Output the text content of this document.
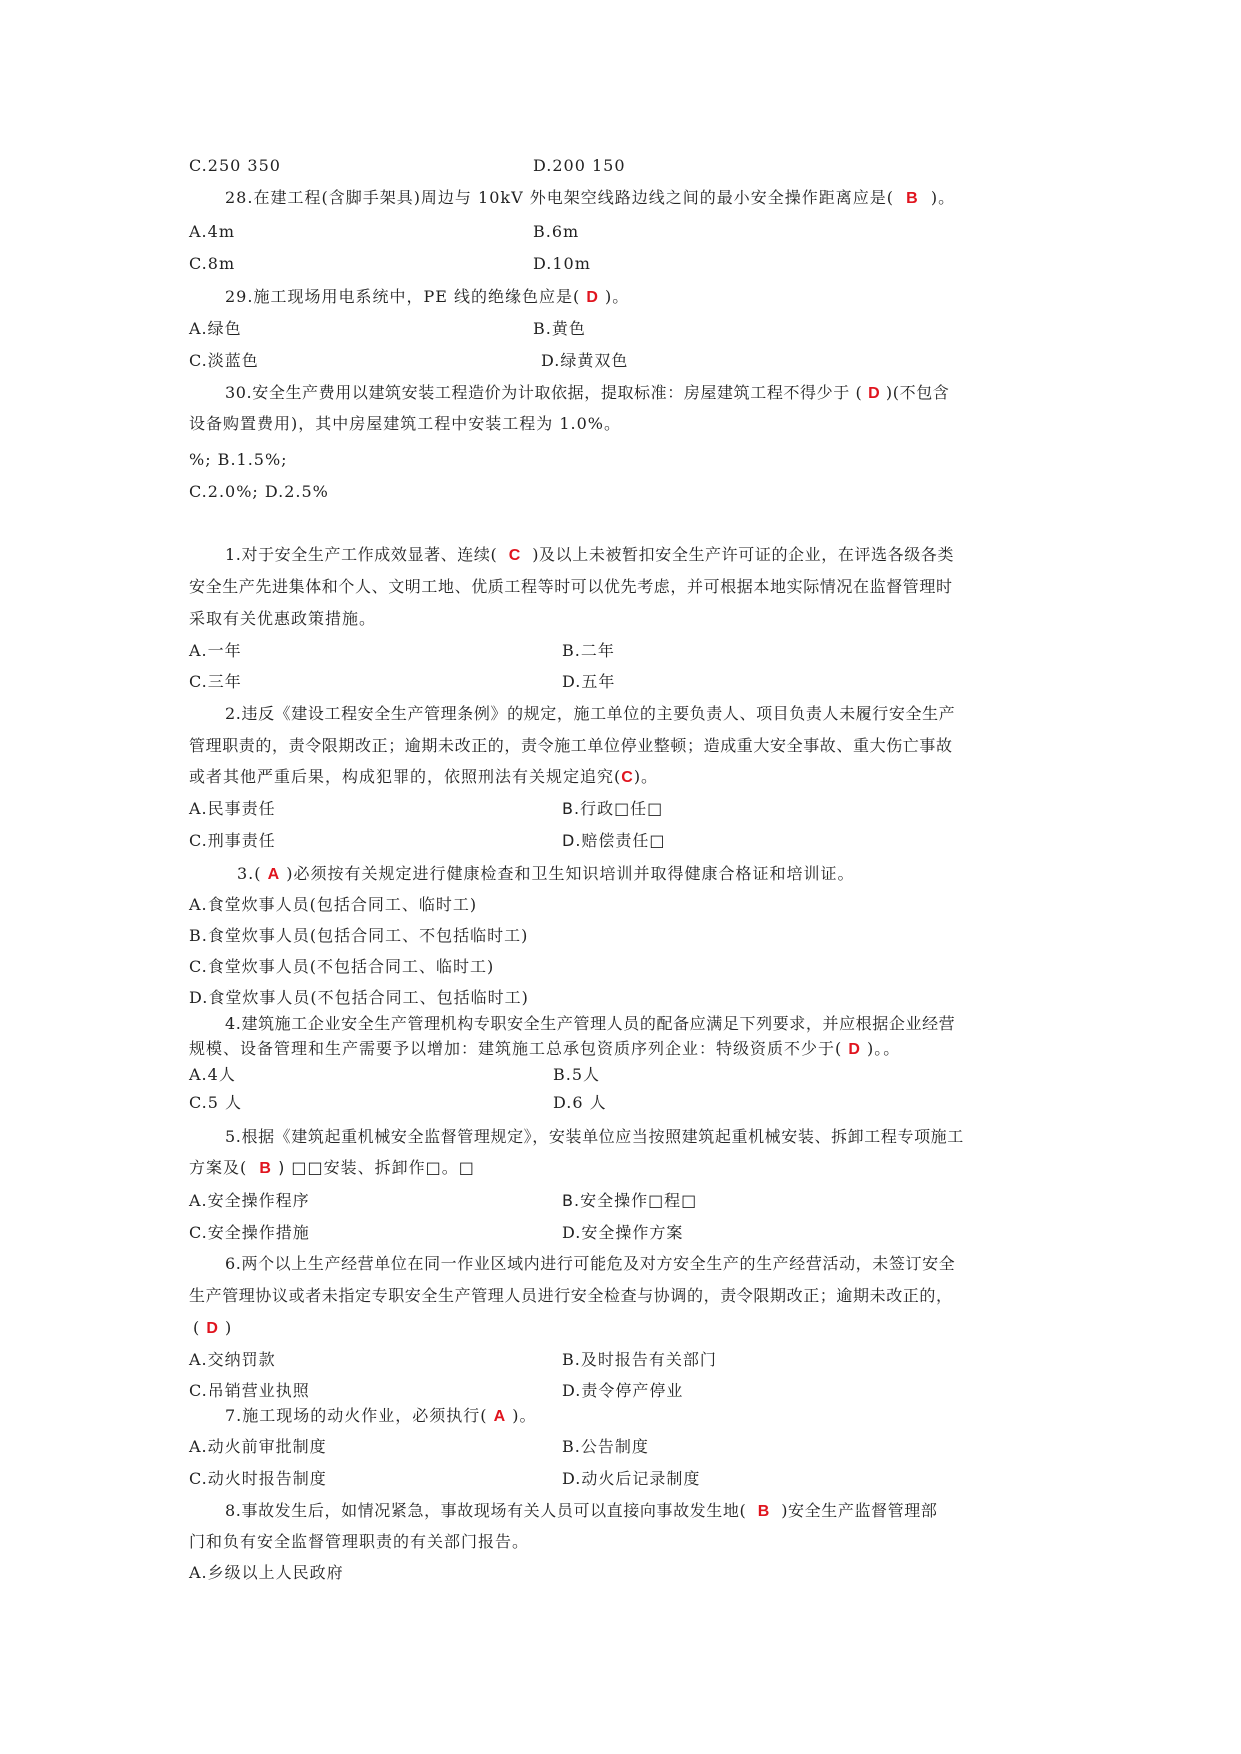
C.250 350	D.200 150
28.在建工程(含脚手架具)周边与 10kV 外电架空线路边线之间的最小安全操作距离应是( B )。
A.4m	B.6m
C.8m	D.10m
29.施工现场用电系统中，PE 线的绝缘色应是( D )。
A.绿色	B.黄色
C.淡蓝色	D.绿黄双色
30.安全生产费用以建筑安装工程造价为计取依据，提取标准：房屋建筑工程不得少于 ( D )(不包含
设备购置费用)，其中房屋建筑工程中安装工程为 1.0%。
%; B.1.5%;
C.2.0%; D.2.5%
1.对于安全生产工作成效显著、连续( C )及以上未被暂扣安全生产许可证的企业，在评选各级各类
安全生产先进集体和个人、文明工地、优质工程等时可以优先考虑，并可根据本地实际情况在监督管理时
采取有关优惠政策措施。
A.一年	B.二年
C.三年	D.五年
2.违反《建设工程安全生产管理条例》的规定，施工单位的主要负责人、项目负责人未履行安全生产
管理职责的，责令限期改正；逾期未改正的，责令施工单位停业整顿；造成重大安全事故、重大伤亡事故
或者其他严重后果，构成犯罪的，依照刑法有关规定追究(C)。
A.民事责任	B.行政□任□
C.刑事责任	D.赔偿责任□
3.( A )必须按有关规定进行健康检查和卫生知识培训并取得健康合格证和培训证。
A.食堂炊事人员(包括合同工、临时工)
B.食堂炊事人员(包括合同工、不包括临时工)
C.食堂炊事人员(不包括合同工、临时工)
D.食堂炊事人员(不包括合同工、包括临时工)
4.建筑施工企业安全生产管理机构专职安全生产管理人员的配备应满足下列要求，并应根据企业经营
规模、设备管理和生产需要予以增加：建筑施工总承包资质序列企业：特级资质不少于( D )。。
A.4人	B.5人
C.5 人	D.6 人
5.根据《建筑起重机械安全监督管理规定》，安装单位应当按照建筑起重机械安装、拆卸工程专项施工
方案及( B ) □□安装、拆卸作□。□
A.安全操作程序	B.安全操作□程□
C.安全操作措施	D.安全操作方案
6.两个以上生产经营单位在同一作业区域内进行可能危及对方安全生产的生产经营活动，未签订安全
生产管理协议或者未指定专职安全生产管理人员进行安全检查与协调的，责令限期改正；逾期未改正的，
( D )
A.交纳罚款	B.及时报告有关部门
C.吊销营业执照	D.责令停产停业
7.施工现场的动火作业，必须执行( A )。
A.动火前审批制度	B.公告制度
C.动火时报告制度	D.动火后记录制度
8.事故发生后，如情况紧急，事故现场有关人员可以直接向事故发生地( B )安全生产监督管理部
门和负有安全监督管理职责的有关部门报告。
A.乡级以上人民政府
